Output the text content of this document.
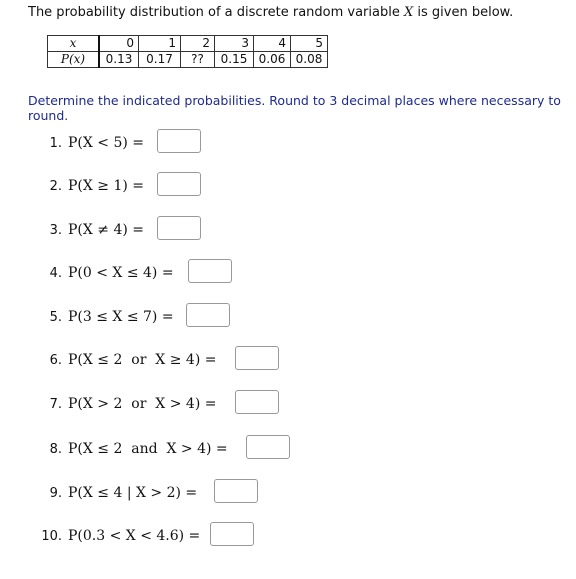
The probability distribution of a discrete random variable X is given below.
x	0	1	2	3	4	5
P(x)	0.13	0.17	??	0.15	0.06	0.08
Determine the indicated probabilities. Round to 3 decimal places where necessary to round.
1. P(X < 5) =
2. P(X ≥ 1) =
3. P(X ≠ 4) =
4. P(0 < X ≤ 4) =
5. P(3 ≤ X ≤ 7) =
6. P(X ≤ 2  or  X ≥ 4) =
7. P(X > 2  or  X > 4) =
8. P(X ≤ 2  and  X > 4) =
9. P(X ≤ 4 | X > 2) =
10. P(0.3 < X < 4.6) =
